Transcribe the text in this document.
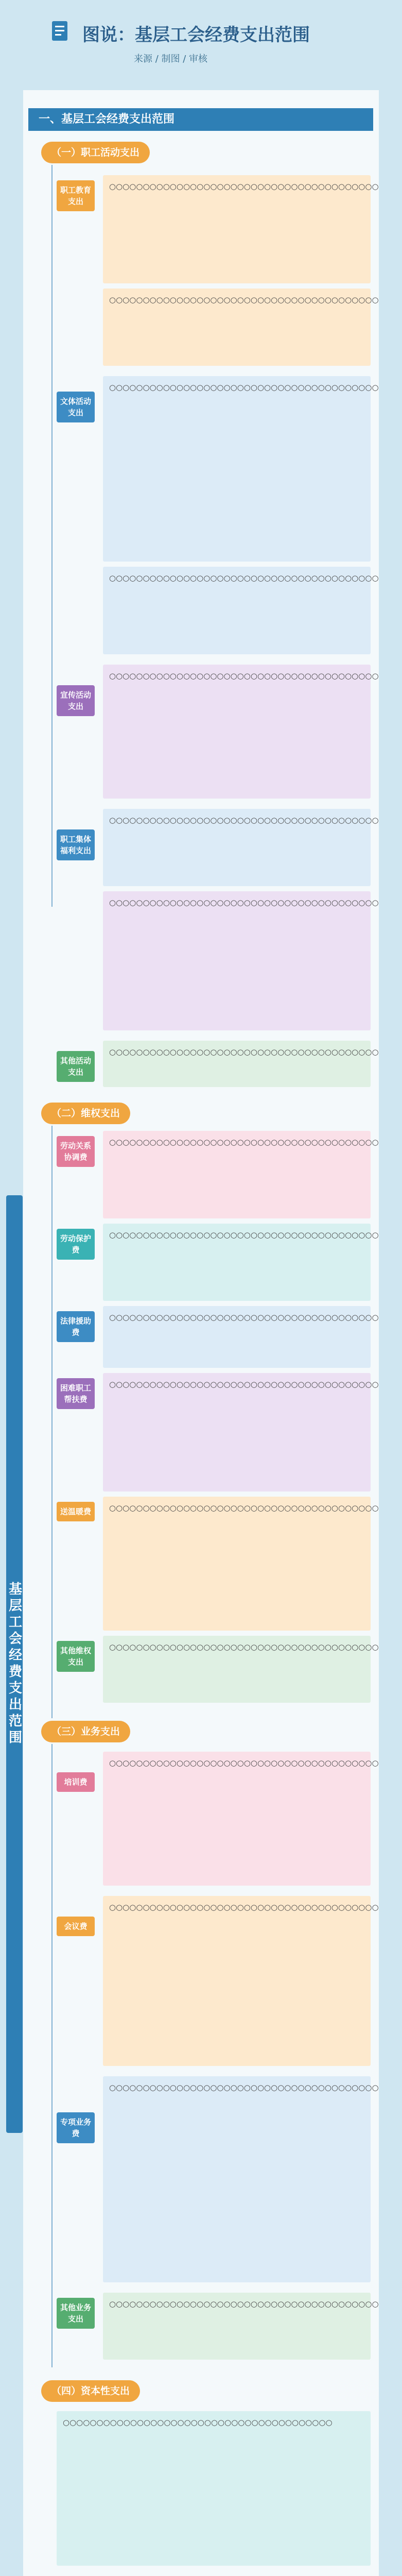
图说：基层工会经费支出范围
来源 / 制图 / 审核
基层工会经费支出范围
一、基层工会经费支出范围
（一）职工活动支出
职工教育支出
○○○○○○○○○○○○○○○○○○○○○○○○○○○○○○○○○○○○○○○○
○○○○○○○○○○○○○○○○○○○○○○○○○○○○○○○○○○○○○○○○
文体活动支出
○○○○○○○○○○○○○○○○○○○○○○○○○○○○○○○○○○○○○○○○
○○○○○○○○○○○○○○○○○○○○○○○○○○○○○○○○○○○○○○○○
宣传活动支出
○○○○○○○○○○○○○○○○○○○○○○○○○○○○○○○○○○○○○○○○
职工集体福利支出
○○○○○○○○○○○○○○○○○○○○○○○○○○○○○○○○○○○○○○○○
○○○○○○○○○○○○○○○○○○○○○○○○○○○○○○○○○○○○○○○○
其他活动支出
○○○○○○○○○○○○○○○○○○○○○○○○○○○○○○○○○○○○○○○○
（二）维权支出
劳动关系协调费
○○○○○○○○○○○○○○○○○○○○○○○○○○○○○○○○○○○○○○○○
劳动保护费
○○○○○○○○○○○○○○○○○○○○○○○○○○○○○○○○○○○○○○○○
法律援助费
○○○○○○○○○○○○○○○○○○○○○○○○○○○○○○○○○○○○○○○○
困难职工帮扶费
○○○○○○○○○○○○○○○○○○○○○○○○○○○○○○○○○○○○○○○○
送温暖费	○○○○○○○○○○○○○○○○○○○○○○○○○○○○○○○○○○○○○○○○
其他维权支出
○○○○○○○○○○○○○○○○○○○○○○○○○○○○○○○○○○○○○○○○
（三）业务支出
培训费
○○○○○○○○○○○○○○○○○○○○○○○○○○○○○○○○○○○○○○○○
会议费
○○○○○○○○○○○○○○○○○○○○○○○○○○○○○○○○○○○○○○○○
专项业务费
○○○○○○○○○○○○○○○○○○○○○○○○○○○○○○○○○○○○○○○○
其他业务支出
○○○○○○○○○○○○○○○○○○○○○○○○○○○○○○○○○○○○○○○○
（四）资本性支出
○○○○○○○○○○○○○○○○○○○○○○○○○○○○○○○○○○○○○○○○
